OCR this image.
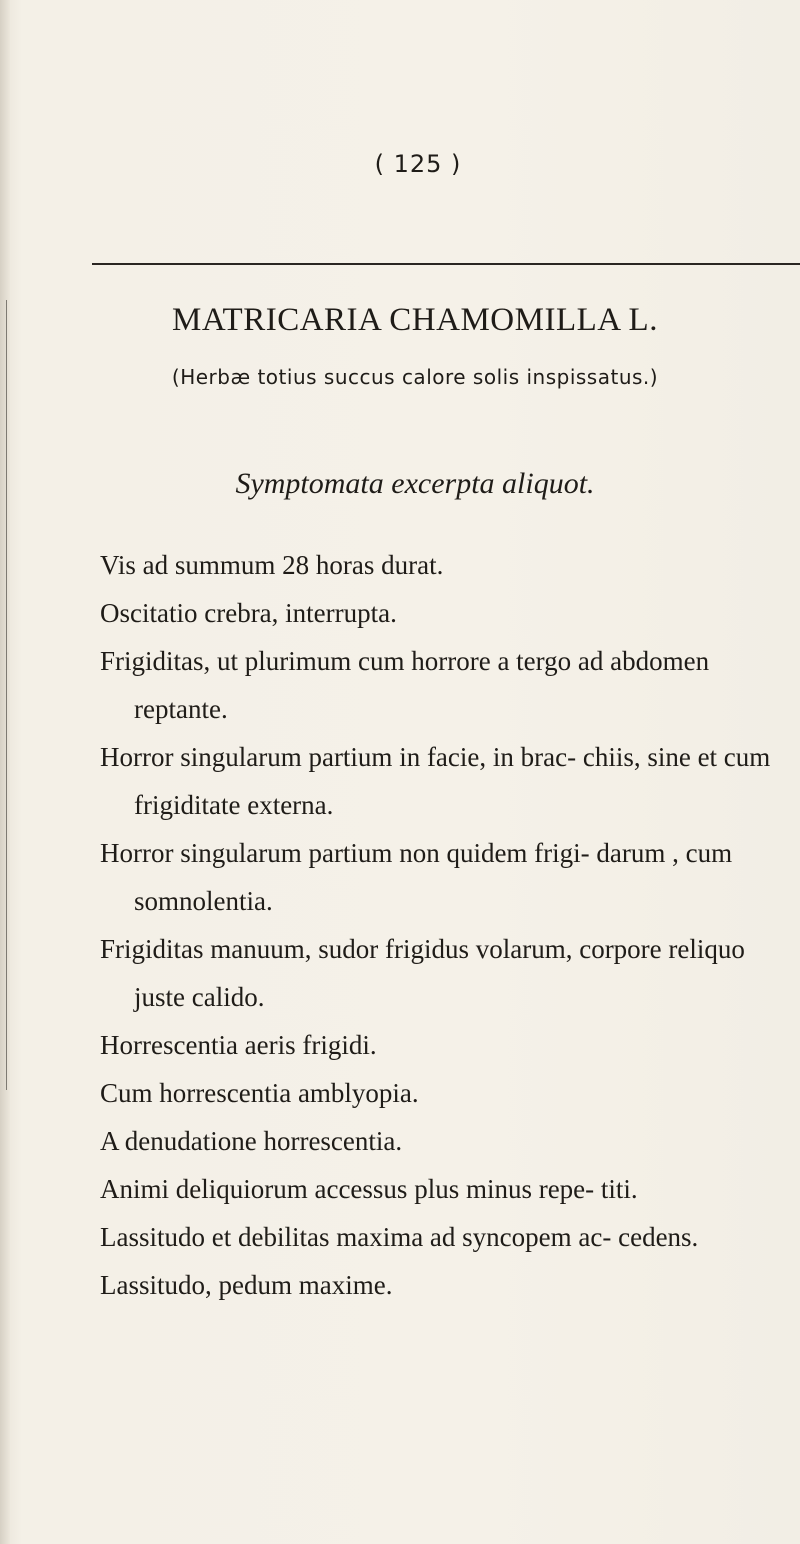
( 125 )
MATRICARIA CHAMOMILLA L.
(Herbæ totius succus calore solis inspissatus.)
Symptomata excerpta aliquot.
Vis ad summum 28 horas durat.
Oscitatio crebra, interrupta.
Frigiditas, ut plurimum cum horrore a tergo ad abdomen reptante.
Horror singularum partium in facie, in brac- chiis, sine et cum frigiditate externa.
Horror singularum partium non quidem frigi- darum , cum somnolentia.
Frigiditas manuum, sudor frigidus volarum, corpore reliquo juste calido.
Horrescentia aeris frigidi.
Cum horrescentia amblyopia.
A denudatione horrescentia.
Animi deliquiorum accessus plus minus repe- titi.
Lassitudo et debilitas maxima ad syncopem ac- cedens.
Lassitudo, pedum maxime.
